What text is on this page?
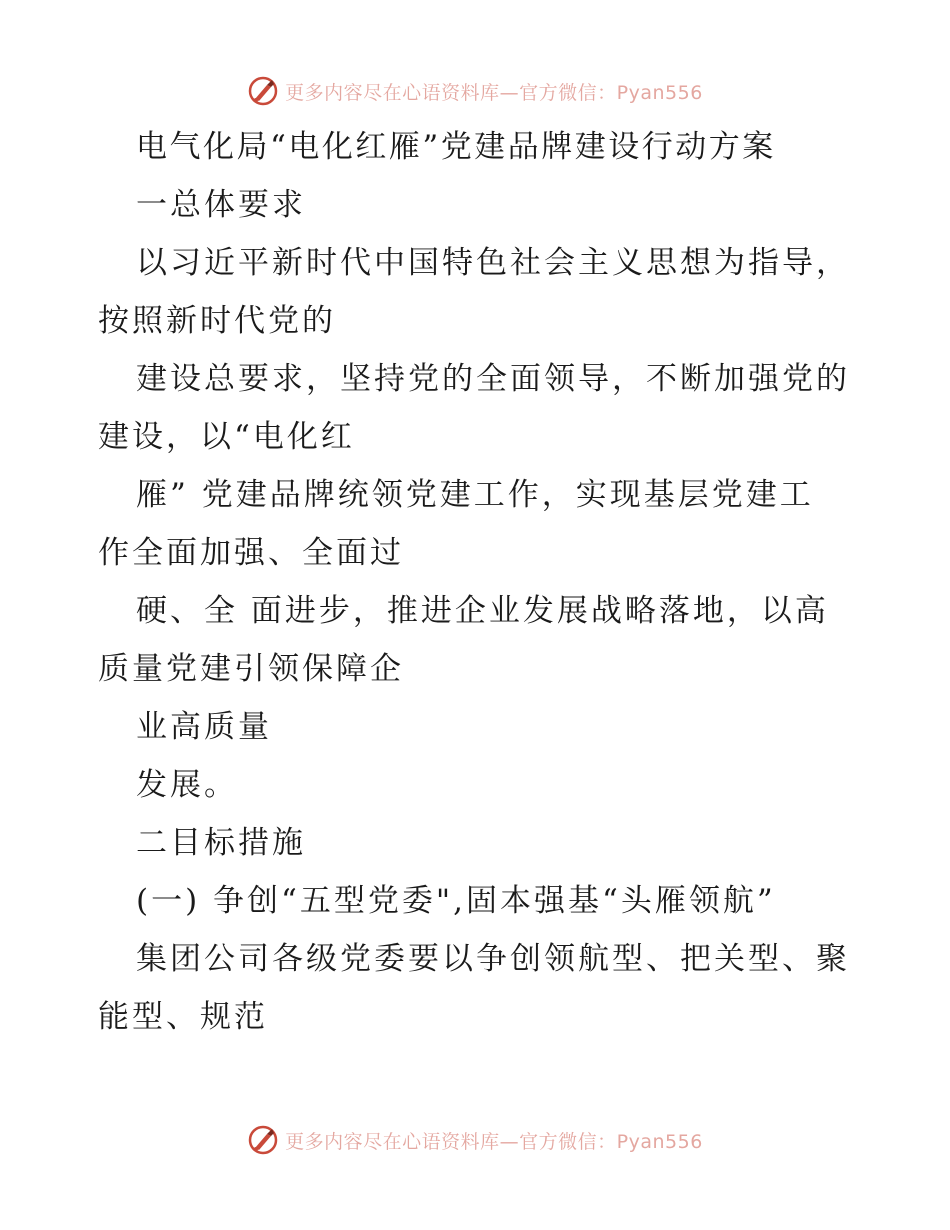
更多内容尽在心语资料库—官方微信：Pyan556
电气化局“电化红雁”党建品牌建设行动方案
一总体要求
以习近平新时代中国特色社会主义思想为指导，
按照新时代党的
建设总要求，坚持党的全面领导，不断加强党的
建设，以“电化红
雁” 党建品牌统领党建工作，实现基层党建工
作全面加强、全面过
硬、全 面进步，推进企业发展战略落地，以高
质量党建引领保障企
业高质量
发展。
二目标措施
(一) 争创“五型党委",固本强基“头雁领航”
集团公司各级党委要以争创领航型、把关型、聚
能型、规范
更多内容尽在心语资料库—官方微信：Pyan556
